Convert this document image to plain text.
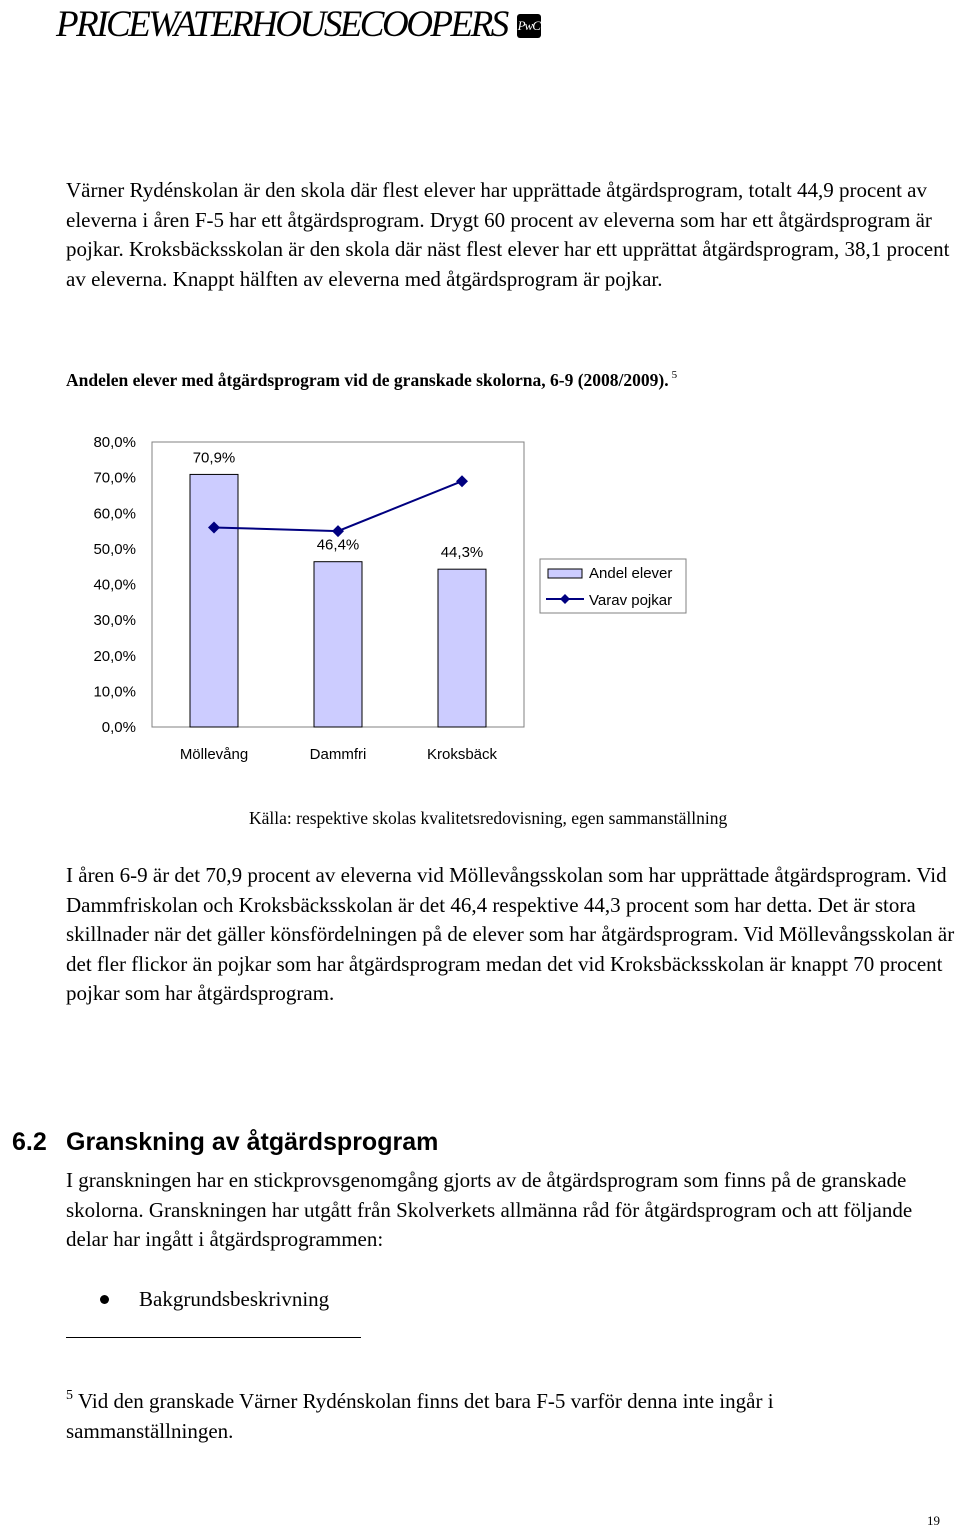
PRICEWATERHOUSECOOPERS PwC

Värner Rydénskolan är den skola där flest elever har upprättade åtgärdsprogram, totalt 44,9 procent av eleverna i åren F-5 har ett åtgärdsprogram. Drygt 60 procent av eleverna som har ett åtgärdsprogram är pojkar. Kroksbäcksskolan är den skola där näst flest elever har ett upprättat åtgärdsprogram, 38,1 procent av eleverna. Knappt hälften av eleverna med åtgärdsprogram är pojkar.

Andelen elever med åtgärdsprogram vid de granskade skolorna, 6-9 (2008/2009). $^5$

0,0%
10,0%
20,0%
30,0%
40,0%
50,0%
60,0%
70,0%
80,0%
70,9%
46,4%	44,3%
Möllevång	Dammfri	Kroksbäck
Andel elever
Varav pojkar

Källa: respektive skolas kvalitetsredovisning, egen sammanställning

I åren 6-9 är det 70,9 procent av eleverna vid Möllevångsskolan som har upprättade åtgärdsprogram. Vid Dammfriskolan och Kroksbäcksskolan är det 46,4 respektive 44,3 procent som har detta. Det är stora skillnader när det gäller könsfördelningen på de elever som har åtgärdsprogram. Vid Möllevångsskolan är det fler flickor än pojkar som har åtgärdsprogram medan det vid Kroksbäcksskolan är knappt 70 procent pojkar som har åtgärdsprogram.

6.2 Granskning av åtgärdsprogram

I granskningen har en stickprovsgenomgång gjorts av de åtgärdsprogram som finns på de granskade skolorna. Granskningen har utgått från Skolverkets allmänna råd för åtgärdsprogram och att följande delar har ingått i åtgärdsprogrammen:

Bakgrundsbeskrivning

$^5$ Vid den granskade Värner Rydénskolan finns det bara F-5 varför denna inte ingår i sammanställningen.

19
